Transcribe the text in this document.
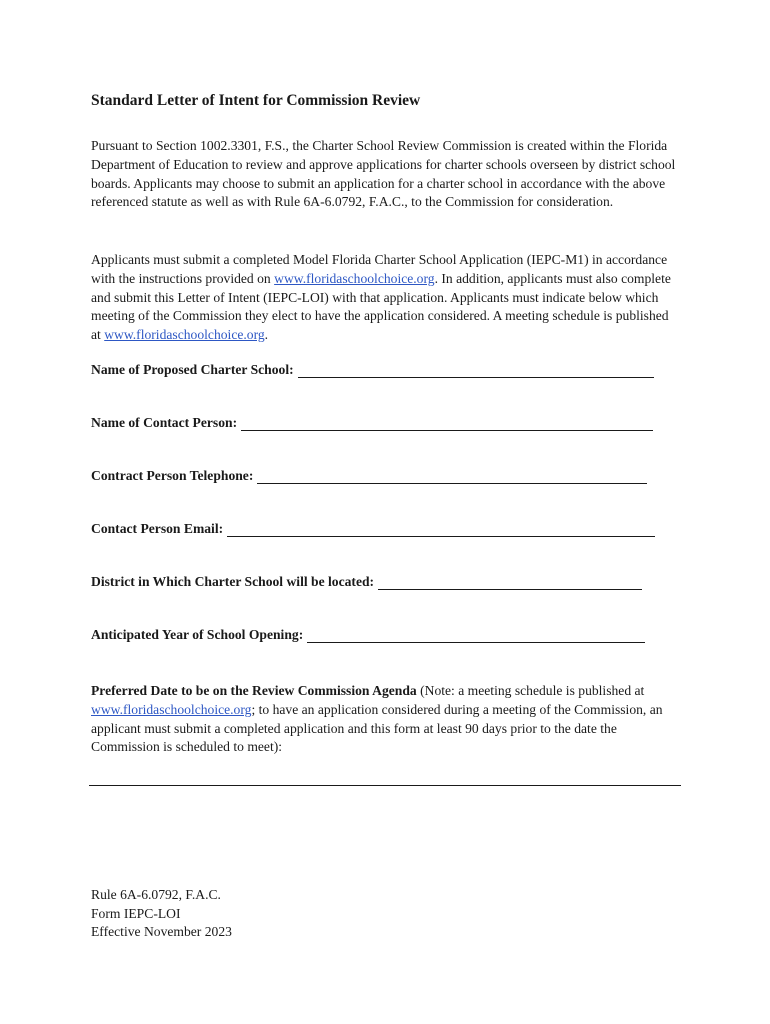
Standard Letter of Intent for Commission Review
Pursuant to Section 1002.3301, F.S., the Charter School Review Commission is created within the Florida Department of Education to review and approve applications for charter schools overseen by district school boards. Applicants may choose to submit an application for a charter school in accordance with the above referenced statute as well as with Rule 6A-6.0792, F.A.C., to the Commission for consideration.
Applicants must submit a completed Model Florida Charter School Application (IEPC-M1) in accordance with the instructions provided on www.floridaschoolchoice.org. In addition, applicants must also complete and submit this Letter of Intent (IEPC-LOI) with that application. Applicants must indicate below which meeting of the Commission they elect to have the application considered. A meeting schedule is published at www.floridaschoolchoice.org.
Name of Proposed Charter School:
Name of Contact Person:
Contract Person Telephone:
Contact Person Email:
District in Which Charter School will be located:
Anticipated Year of School Opening:
Preferred Date to be on the Review Commission Agenda (Note: a meeting schedule is published at www.floridaschoolchoice.org; to have an application considered during a meeting of the Commission, an applicant must submit a completed application and this form at least 90 days prior to the date the Commission is scheduled to meet):
Rule 6A-6.0792, F.A.C.
Form IEPC-LOI
Effective November 2023
